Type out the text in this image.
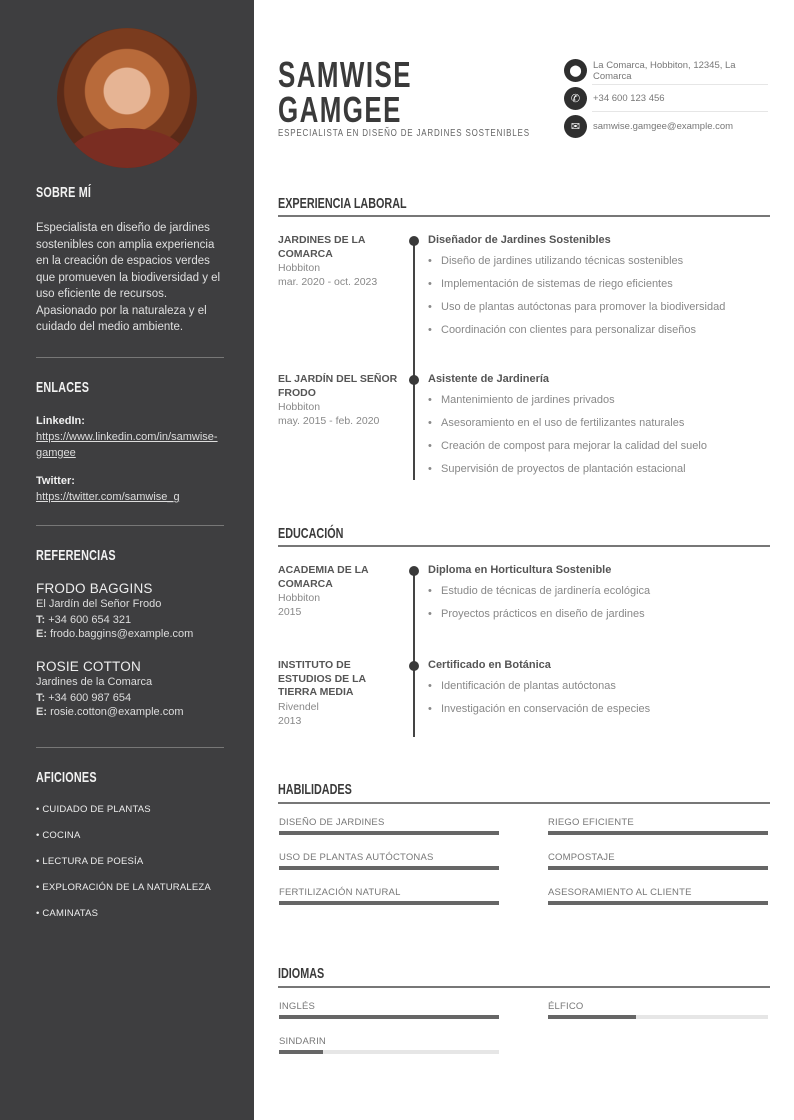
SOBRE MÍ
Especialista en diseño de jardines sostenibles con amplia experiencia en la creación de espacios verdes que promueven la biodiversidad y el uso eficiente de recursos. Apasionado por la naturaleza y el cuidado del medio ambiente.
ENLACES
LinkedIn:
https://www.linkedin.com/in/samwise-gamgee
Twitter:
https://twitter.com/samwise_g
REFERENCIAS
FRODO BAGGINS
El Jardín del Señor Frodo
T: +34 600 654 321
E: frodo.baggins@example.com
ROSIE COTTON
Jardines de la Comarca
T: +34 600 987 654
E: rosie.cotton@example.com
AFICIONES
• CUIDADO DE PLANTAS
• COCINA
• LECTURA DE POESÍA
• EXPLORACIÓN DE LA NATURALEZA
• CAMINATAS
SAMWISE
GAMGEE
ESPECIALISTA EN DISEÑO DE JARDINES SOSTENIBLES
⬤	La Comarca, Hobbiton, 12345, La Comarca
✆	+34 600 123 456
✉	samwise.gamgee@example.com
EXPERIENCIA LABORAL
JARDINES DE LA COMARCA
Hobbiton
mar. 2020 - oct. 2023
Diseñador de Jardines Sostenibles
• Diseño de jardines utilizando técnicas sostenibles
• Implementación de sistemas de riego eficientes
• Uso de plantas autóctonas para promover la biodiversidad
• Coordinación con clientes para personalizar diseños
EL JARDÍN DEL SEÑOR FRODO
Hobbiton
may. 2015 - feb. 2020
Asistente de Jardinería
• Mantenimiento de jardines privados
• Asesoramiento en el uso de fertilizantes naturales
• Creación de compost para mejorar la calidad del suelo
• Supervisión de proyectos de plantación estacional
EDUCACIÓN
ACADEMIA DE LA COMARCA
Hobbiton
2015
Diploma en Horticultura Sostenible
• Estudio de técnicas de jardinería ecológica
• Proyectos prácticos en diseño de jardines
INSTITUTO DE ESTUDIOS DE LA TIERRA MEDIA
Rivendel
2013
Certificado en Botánica
• Identificación de plantas autóctonas
• Investigación en conservación de especies
HABILIDADES
DISEÑO DE JARDINES	RIEGO EFICIENTE
USO DE PLANTAS AUTÓCTONAS	COMPOSTAJE
FERTILIZACIÓN NATURAL	ASESORAMIENTO AL CLIENTE
IDIOMAS
INGLÉS	ÉLFICO
SINDARIN
